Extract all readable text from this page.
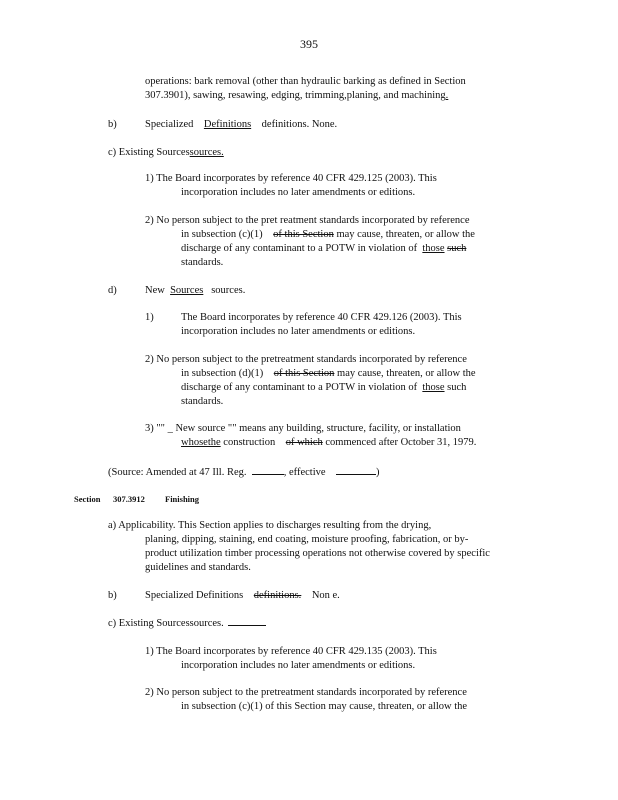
395
operations: bark removal (other than hydraulic barking as defined in Section
307.3901), sawing, resawing, edging, trimming,planing, and machining.
b)	Specialized Definitions definitions. None.
c) Existing Sourcessources.
1) The Board incorporates by reference 40 CFR 429.125 (2003). This
incorporation includes no later amendments or editions.
2) No person subject to the pret reatment standards incorporated by reference
in subsection (c)(1) of this Section may cause, threaten, or allow the
discharge of any contaminant to a POTW in violation of those such
standards.
d)	New Sources sources.
1)	The Board incorporates by reference 40 CFR 429.126 (2003). This
incorporation includes no later amendments or editions.
2) No person subject to the pretreatment standards incorporated by reference
in subsection (d)(1) of this Section may cause, threaten, or allow the
discharge of any contaminant to a POTW in violation of those such
standards.
3) "" _ New source "" means any building, structure, facility, or installation
whosethe construction of which commenced after October 31, 1979.
(Source: Amended at 47 Ill. Reg.	, effective	)
Section 307.3912 Finishing
a) Applicability. This Section applies to discharges resulting from the drying,
planing, dipping, staining, end coating, moisture proofing, fabrication, or by-
product utilization timber processing operations not otherwise covered by specific
guidelines and standards.
b)	Specialized Definitions definitions. Non e.
c) Existing Sourcessources.
1) The Board incorporates by reference 40 CFR 429.135 (2003). This
incorporation includes no later amendments or editions.
2) No person subject to the pretreatment standards incorporated by reference
in subsection (c)(1) of this Section may cause, threaten, or allow the
